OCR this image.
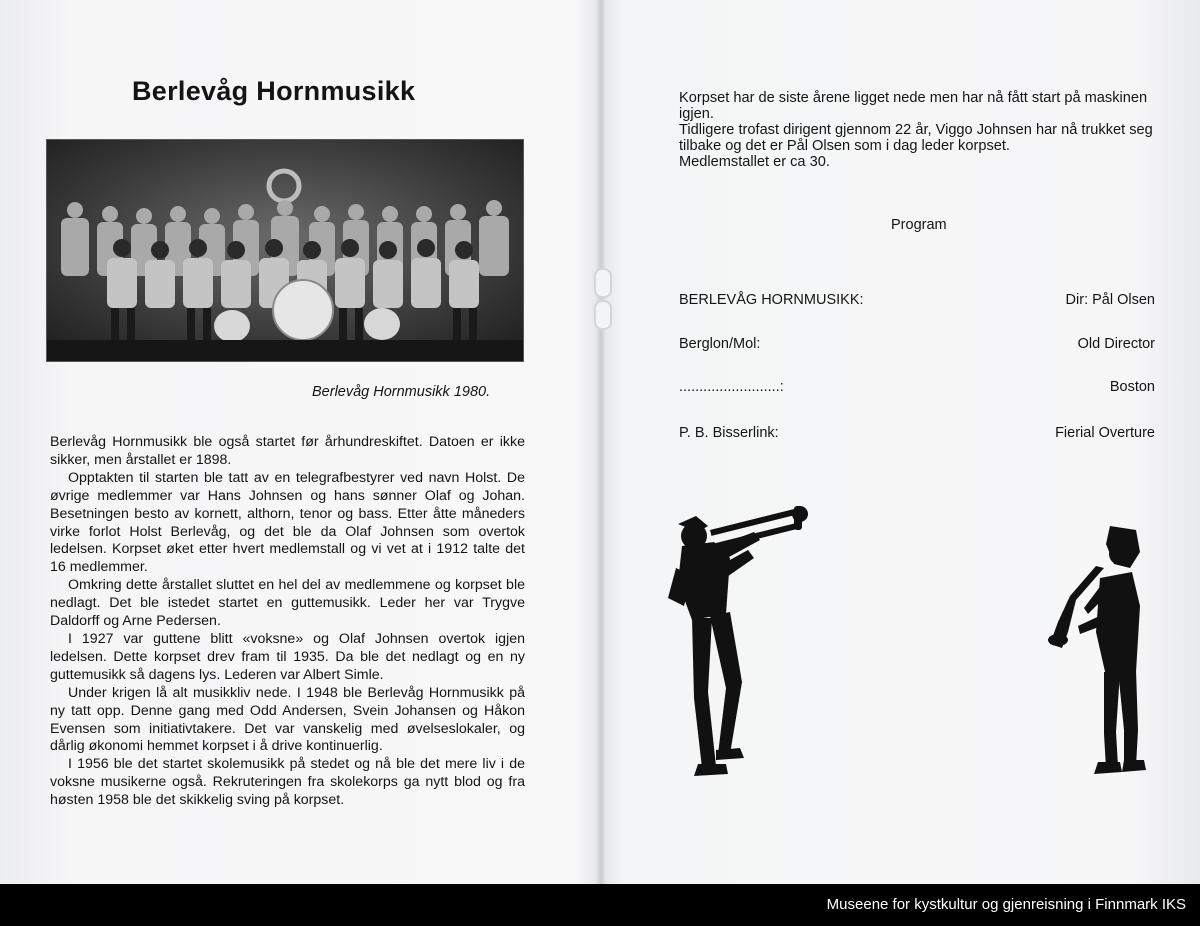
Berlevåg Hornmusikk
Berlevåg Hornmusikk 1980.

Berlevåg Hornmusikk ble også startet før århundreskiftet. Datoen er ikke sikker, men årstallet er 1898.

Opptakten til starten ble tatt av en telegrafbestyrer ved navn Holst. De øvrige medlemmer var Hans Johnsen og hans sønner Olaf og Johan. Besetningen besto av kornett, althorn, tenor og bass. Etter åtte måneders virke forlot Holst Berlevåg, og det ble da Olaf Johnsen som overtok ledelsen. Korpset øket etter hvert medlemstall og vi vet at i 1912 talte det 16 medlemmer.

Omkring dette årstallet sluttet en hel del av medlemmene og korpset ble nedlagt. Det ble istedet startet en guttemusikk. Leder her var Trygve Daldorff og Arne Pedersen.

I 1927 var guttene blitt «voksne» og Olaf Johnsen overtok igjen ledelsen. Dette korpset drev fram til 1935. Da ble det nedlagt og en ny guttemusikk så dagens lys. Lederen var Albert Simle.

Under krigen lå alt musikkliv nede. I 1948 ble Berlevåg Hornmusikk på ny tatt opp. Denne gang med Odd Andersen, Svein Johansen og Håkon Evensen som initiativtakere. Det var vanskelig med øvelseslokaler, og dårlig økonomi hemmet korpset i å drive kontinuerlig.

I 1956 ble det startet skolemusikk på stedet og nå ble det mere liv i de voksne musikerne også. Rekruteringen fra skolekorps ga nytt blod og fra høsten 1958 ble det skikkelig sving på korpset.

Korpset har de siste årene ligget nede men har nå fått start på maskinen igjen.

Tidligere trofast dirigent gjennom 22 år, Viggo Johnsen har nå trukket seg tilbake og det er Pål Olsen som i dag leder korpset.

Medlemstallet er ca 30.

Program
BERLEVÅG HORNMUSIKK:	Dir: Pål Olsen
Berglon/Mol:	Old Director
.........................:	Boston
P. B. Bisserlink:	Fierial Overture
Museene for kystkultur og gjenreisning i Finnmark IKS
